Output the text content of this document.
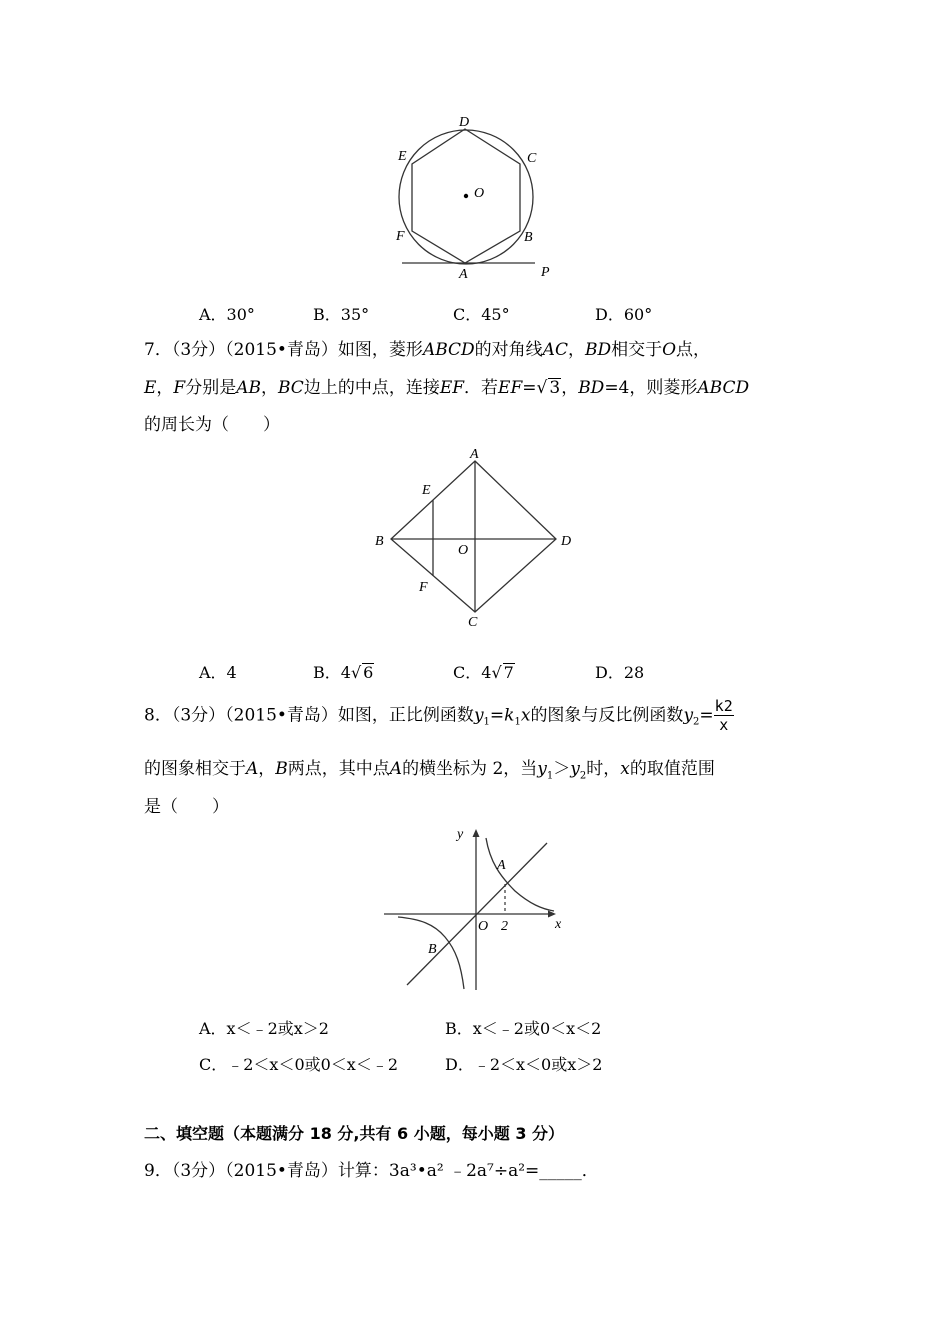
D
C
E
O
F	B
A	P
A．30°	B．35°	C．45°	D．60°
7．（3分）（2015•青岛）如图，菱形ABCD的对角线AC，BD相交于O点，
E，F分别是AB，BC边上的中点，连接EF．若EF=√ 3，BD=4，则菱形ABCD
的周长为（　　）
A
E
B
O
D
F
C
A．4	B．4√ 6	C．4√ 7	D．28
8．（3分）（2015•青岛）如图，正比例函数$y_1=k_1x$的图象与反比例函数$y_2= \frac{k2}{x}$
的图象相交于A，B两点，其中点A的横坐标为 2，当$y_1>y_2$时，x的取值范围
是（　　）
y
A
O 2	x
B
A．x＜﹣2或x＞2	B．x＜﹣2或0＜x＜2
C．﹣2＜x＜0或0＜x＜﹣2	D．﹣2＜x＜0或x＞2
二、填空题（本题满分 18 分,共有 6 小题，每小题 3 分）
9．（3分）（2015•青岛）计算：3a³•a² ﹣2a⁷÷a²=_____．
